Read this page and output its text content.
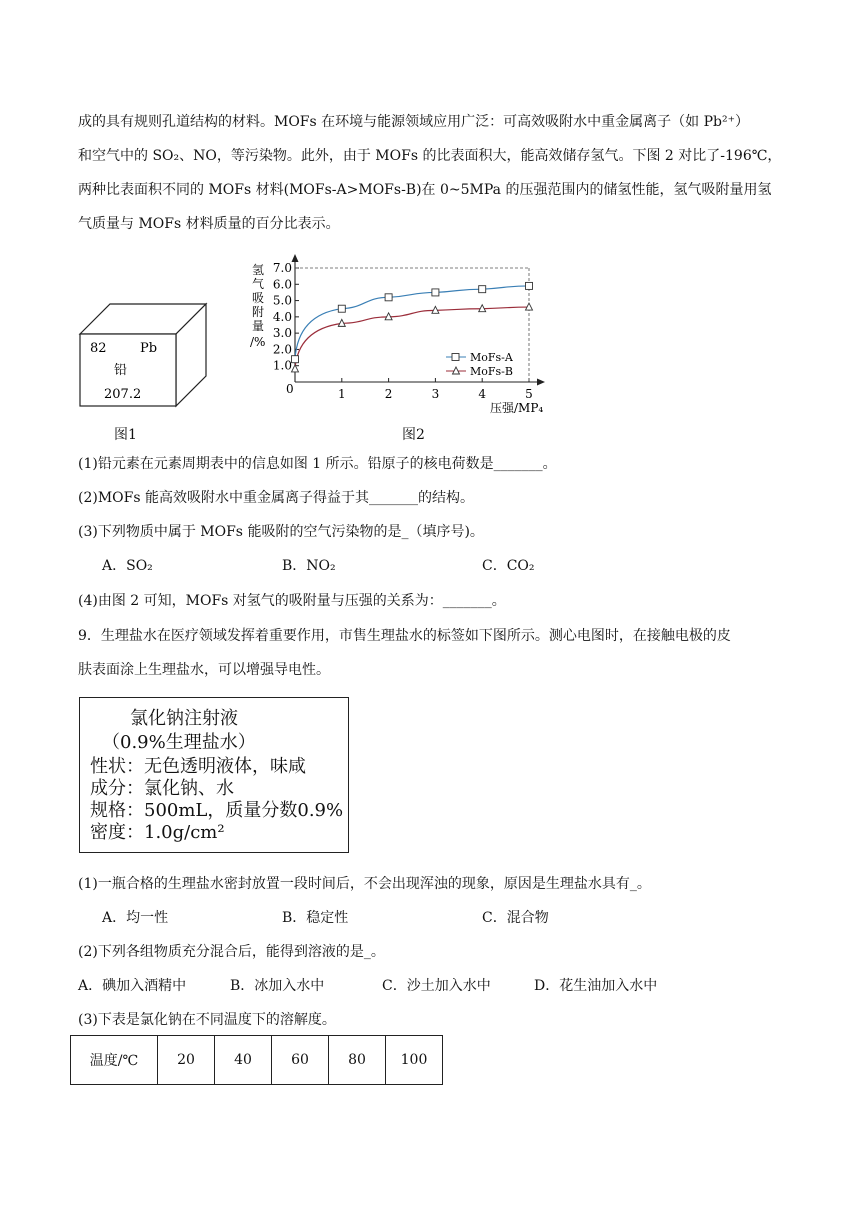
成的具有规则孔道结构的材料。MOFs 在环境与能源领域应用广泛：可高效吸附水中重金属离子（如 Pb²⁺）
和空气中的 SO₂、NO，等污染物。此外，由于 MOFs 的比表面积大，能高效储存氢气。下图 2 对比了-196℃，
两种比表面积不同的 MOFs 材料(MOFs-A>MOFs-B)在 0~5MPa 的压强范围内的储氢性能，氢气吸附量用氢
气质量与 MOFs 材料质量的百分比表示。
82	Pb
铅
207.2
图1
氢
气
吸
附
量
/%
1.0
2.0
3.0
4.0
5.0
6.0
7.0
1	2	3	4	5
0
压强/MP₄
MoFs-A
MoFs-B
图2
(1)铅元素在元素周期表中的信息如图 1 所示。铅原子的核电荷数是_______。
(2)MOFs 能高效吸附水中重金属离子得益于其_______的结构。
(3)下列物质中属于 MOFs 能吸附的空气污染物的是_（填序号)。
A．SO₂	B．NO₂	C．CO₂
(4)由图 2 可知，MOFs 对氢气的吸附量与压强的关系为：_______。
9．生理盐水在医疗领域发挥着重要作用，市售生理盐水的标签如下图所示。测心电图时，在接触电极的皮
肤表面涂上生理盐水，可以增强导电性。
氯化钠注射液
（0.9%生理盐水）
性状：无色透明液体，味咸
成分：氯化钠、水
规格：500mL，质量分数0.9%
密度：1.0g/cm²
(1)一瓶合格的生理盐水密封放置一段时间后，不会出现浑浊的现象，原因是生理盐水具有_。
A．均一性	B．稳定性	C．混合物
(2)下列各组物质充分混合后，能得到溶液的是_。
A．碘加入酒精中	B．冰加入水中	C．沙土加入水中	D．花生油加入水中
(3)下表是氯化钠在不同温度下的溶解度。
温度/℃	20	40	60	80	100
